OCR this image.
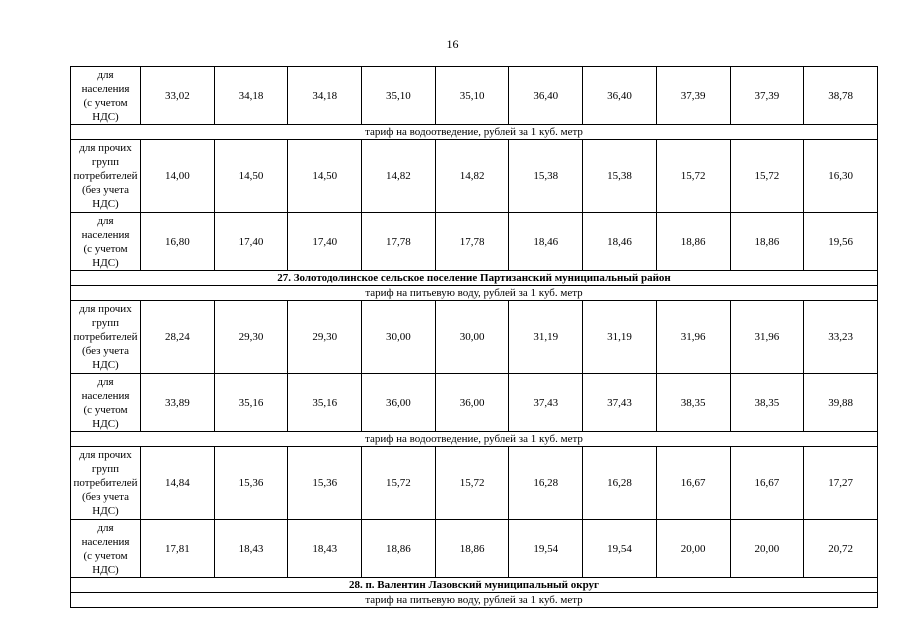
16
для населения
(с учетом
НДС)	33,02	34,18	34,18	35,10	35,10	36,40	36,40	37,39	37,39	38,78
тариф на водоотведение, рублей за 1 куб. метр										

для прочих
групп
потребителей
(без учета
НДС)	14,00	14,50	14,50	14,82	14,82	15,38	15,38	15,72	15,72	16,30

для населения
(с учетом
НДС)	16,80	17,40	17,40	17,78	17,78	18,46	18,46	18,86	18,86	19,56
27. Золотодолинское сельское поселение Партизанский муниципальный район										
тариф на питьевую воду, рублей за 1 куб. метр										

для прочих
групп
потребителей
(без учета
НДС)	28,24	29,30	29,30	30,00	30,00	31,19	31,19	31,96	31,96	33,23

для населения
(с учетом
НДС)	33,89	35,16	35,16	36,00	36,00	37,43	37,43	38,35	38,35	39,88
тариф на водоотведение, рублей за 1 куб. метр										

для прочих
групп
потребителей
(без учета
НДС)	14,84	15,36	15,36	15,72	15,72	16,28	16,28	16,67	16,67	17,27

для населения
(с учетом
НДС)	17,81	18,43	18,43	18,86	18,86	19,54	19,54	20,00	20,00	20,72
28. п. Валентин Лазовский муниципальный округ										
тариф на питьевую воду, рублей за 1 куб. метр										
